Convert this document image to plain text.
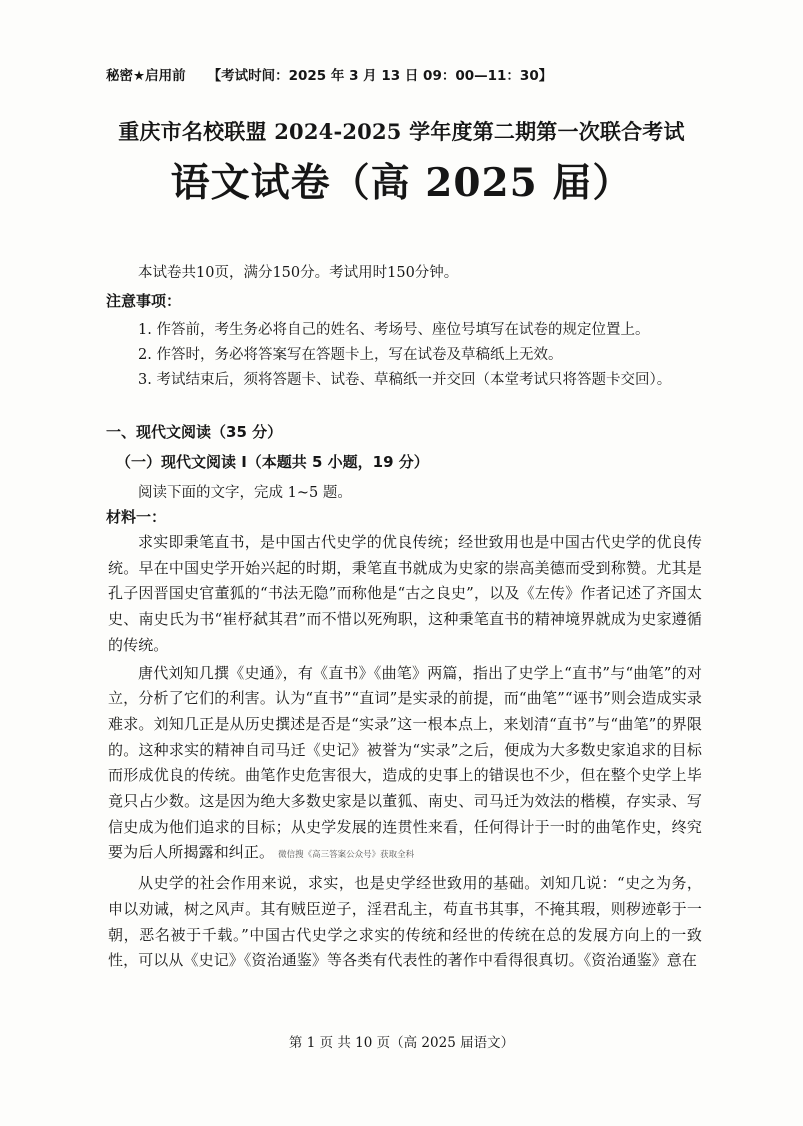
秘密★启用前 【考试时间：2025 年 3 月 13 日 09：00—11：30】
重庆市名校联盟 2024-2025 学年度第二期第一次联合考试
语文试卷（高 2025 届）
本试卷共10页，满分150分。考试用时150分钟。
注意事项：
1. 作答前，考生务必将自己的姓名、考场号、座位号填写在试卷的规定位置上。
2. 作答时，务必将答案写在答题卡上，写在试卷及草稿纸上无效。
3. 考试结束后，须将答题卡、试卷、草稿纸一并交回（本堂考试只将答题卡交回）。
一、现代文阅读（35 分）
（一）现代文阅读 Ⅰ（本题共 5 小题，19 分）
阅读下面的文字，完成 1~5 题。
材料一：

求实即秉笔直书，是中国古代史学的优良传统；经世致用也是中国古代史学的优良传统。早在中国史学开始兴起的时期，秉笔直书就成为史家的崇高美德而受到称赞。尤其是孔子因晋国史官董狐的“书法无隐”而称他是“古之良史”，以及《左传》作者记述了齐国太史、南史氏为书“崔杼弑其君”而不惜以死殉职，这种秉笔直书的精神境界就成为史家遵循的传统。

唐代刘知几撰《史通》，有《直书》《曲笔》两篇，指出了史学上“直书”与“曲笔”的对立，分析了它们的利害。认为“直书”“直词”是实录的前提，而“曲笔”“诬书”则会造成实录难求。刘知几正是从历史撰述是否是“实录”这一根本点上，来划清“直书”与“曲笔”的界限的。这种求实的精神自司马迁《史记》被誉为“实录”之后，便成为大多数史家追求的目标而形成优良的传统。曲笔作史危害很大，造成的史事上的错误也不少，但在整个史学上毕竟只占少数。这是因为绝大多数史家是以董狐、南史、司马迁为效法的楷模，存实录、写信史成为他们追求的目标；从史学发展的连贯性来看，任何得计于一时的曲笔作史，终究要为后人所揭露和纠正。 微信搜《高三答案公众号》获取全科

从史学的社会作用来说，求实，也是史学经世致用的基础。刘知几说：“史之为务，申以劝诫，树之风声。其有贼臣逆子，淫君乱主，苟直书其事，不掩其瑕，则秽迹彰于一朝，恶名被于千载。”中国古代史学之求实的传统和经世的传统在总的发展方向上的一致性，可以从《史记》《资治通鉴》等各类有代表性的著作中看得很真切。《资治通鉴》意在

第 1 页 共 10 页（高 2025 届语文）
